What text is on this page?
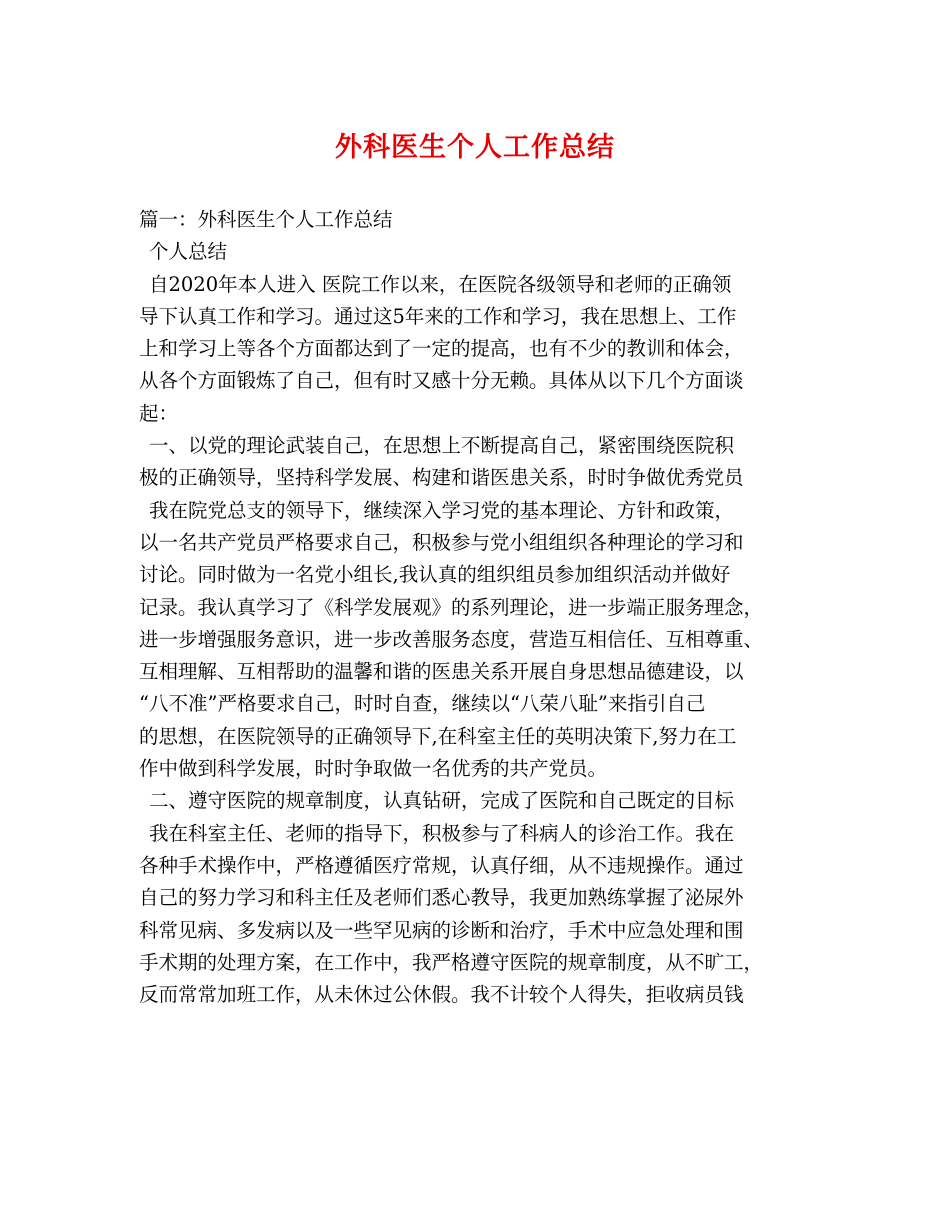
外科医生个人工作总结
篇一：外科医生个人工作总结
个人总结
自2020年本人进入 医院工作以来，在医院各级领导和老师的正确领
导下认真工作和学习。通过这5年来的工作和学习，我在思想上、工作
上和学习上等各个方面都达到了一定的提高，也有不少的教训和体会，
从各个方面锻炼了自己，但有时又感十分无赖。具体从以下几个方面谈
起：
一、以党的理论武装自己，在思想上不断提高自己，紧密围绕医院积
极的正确领导，坚持科学发展、构建和谐医患关系，时时争做优秀党员
我在院党总支的领导下，继续深入学习党的基本理论、方针和政策，
以一名共产党员严格要求自己，积极参与党小组组织各种理论的学习和
讨论。同时做为一名党小组长,我认真的组织组员参加组织活动并做好
记录。我认真学习了《科学发展观》的系列理论，进一步端正服务理念，
进一步增强服务意识，进一步改善服务态度，营造互相信任、互相尊重、
互相理解、互相帮助的温馨和谐的医患关系开展自身思想品德建设，以
“八不准”严格要求自己，时时自查，继续以“八荣八耻”来指引自己
的思想，在医院领导的正确领导下,在科室主任的英明决策下,努力在工
作中做到科学发展，时时争取做一名优秀的共产党员。
二、遵守医院的规章制度，认真钻研，完成了医院和自己既定的目标
我在科室主任、老师的指导下，积极参与了科病人的诊治工作。我在
各种手术操作中，严格遵循医疗常规，认真仔细，从不违规操作。通过
自己的努力学习和科主任及老师们悉心教导，我更加熟练掌握了泌尿外
科常见病、多发病以及一些罕见病的诊断和治疗，手术中应急处理和围
手术期的处理方案，在工作中，我严格遵守医院的规章制度，从不旷工，
反而常常加班工作，从未休过公休假。我不计较个人得失，拒收病员钱
